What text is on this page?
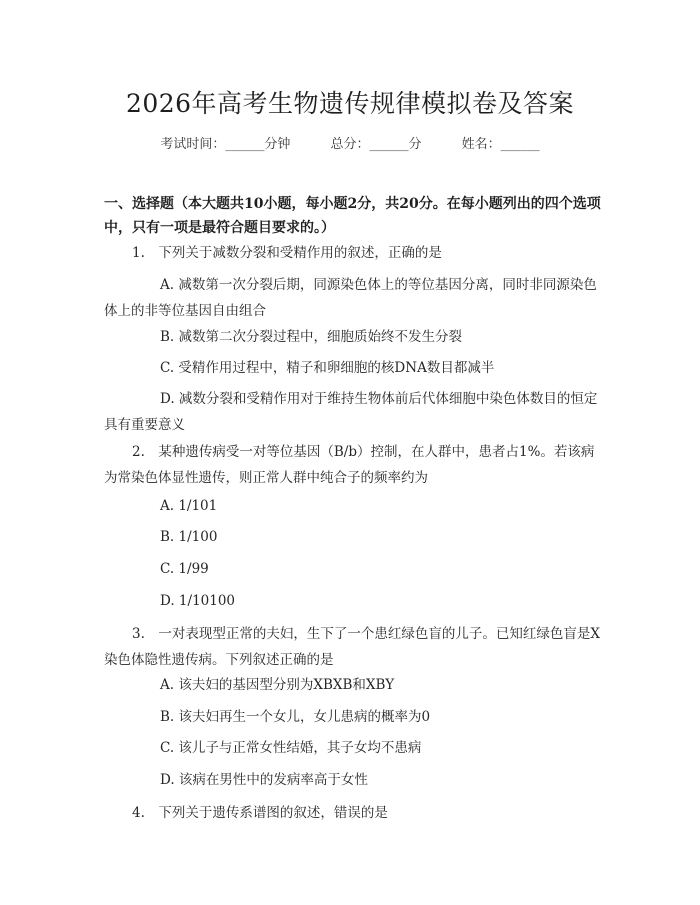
2026年高考生物遗传规律模拟卷及答案
考试时间：______分钟	总分：______分	姓名：______
一、选择题（本大题共10小题，每小题2分，共20分。在每小题列出的四个选项中，只有一项是最符合题目要求的。）
1.　下列关于减数分裂和受精作用的叙述，正确的是
A. 减数第一次分裂后期，同源染色体上的等位基因分离，同时非同源染色体上的非等位基因自由组合
B. 减数第二次分裂过程中，细胞质始终不发生分裂
C. 受精作用过程中，精子和卵细胞的核DNA数目都减半
D. 减数分裂和受精作用对于维持生物体前后代体细胞中染色体数目的恒定具有重要意义
2.　某种遗传病受一对等位基因（B/b）控制，在人群中，患者占1%。若该病为常染色体显性遗传，则正常人群中纯合子的频率约为
A. 1/101
B. 1/100
C. 1/99
D. 1/10100
3.　一对表现型正常的夫妇，生下了一个患红绿色盲的儿子。已知红绿色盲是X染色体隐性遗传病。下列叙述正确的是
A. 该夫妇的基因型分别为XBXB和XBY
B. 该夫妇再生一个女儿，女儿患病的概率为0
C. 该儿子与正常女性结婚，其子女均不患病
D. 该病在男性中的发病率高于女性
4.　下列关于遗传系谱图的叙述，错误的是
